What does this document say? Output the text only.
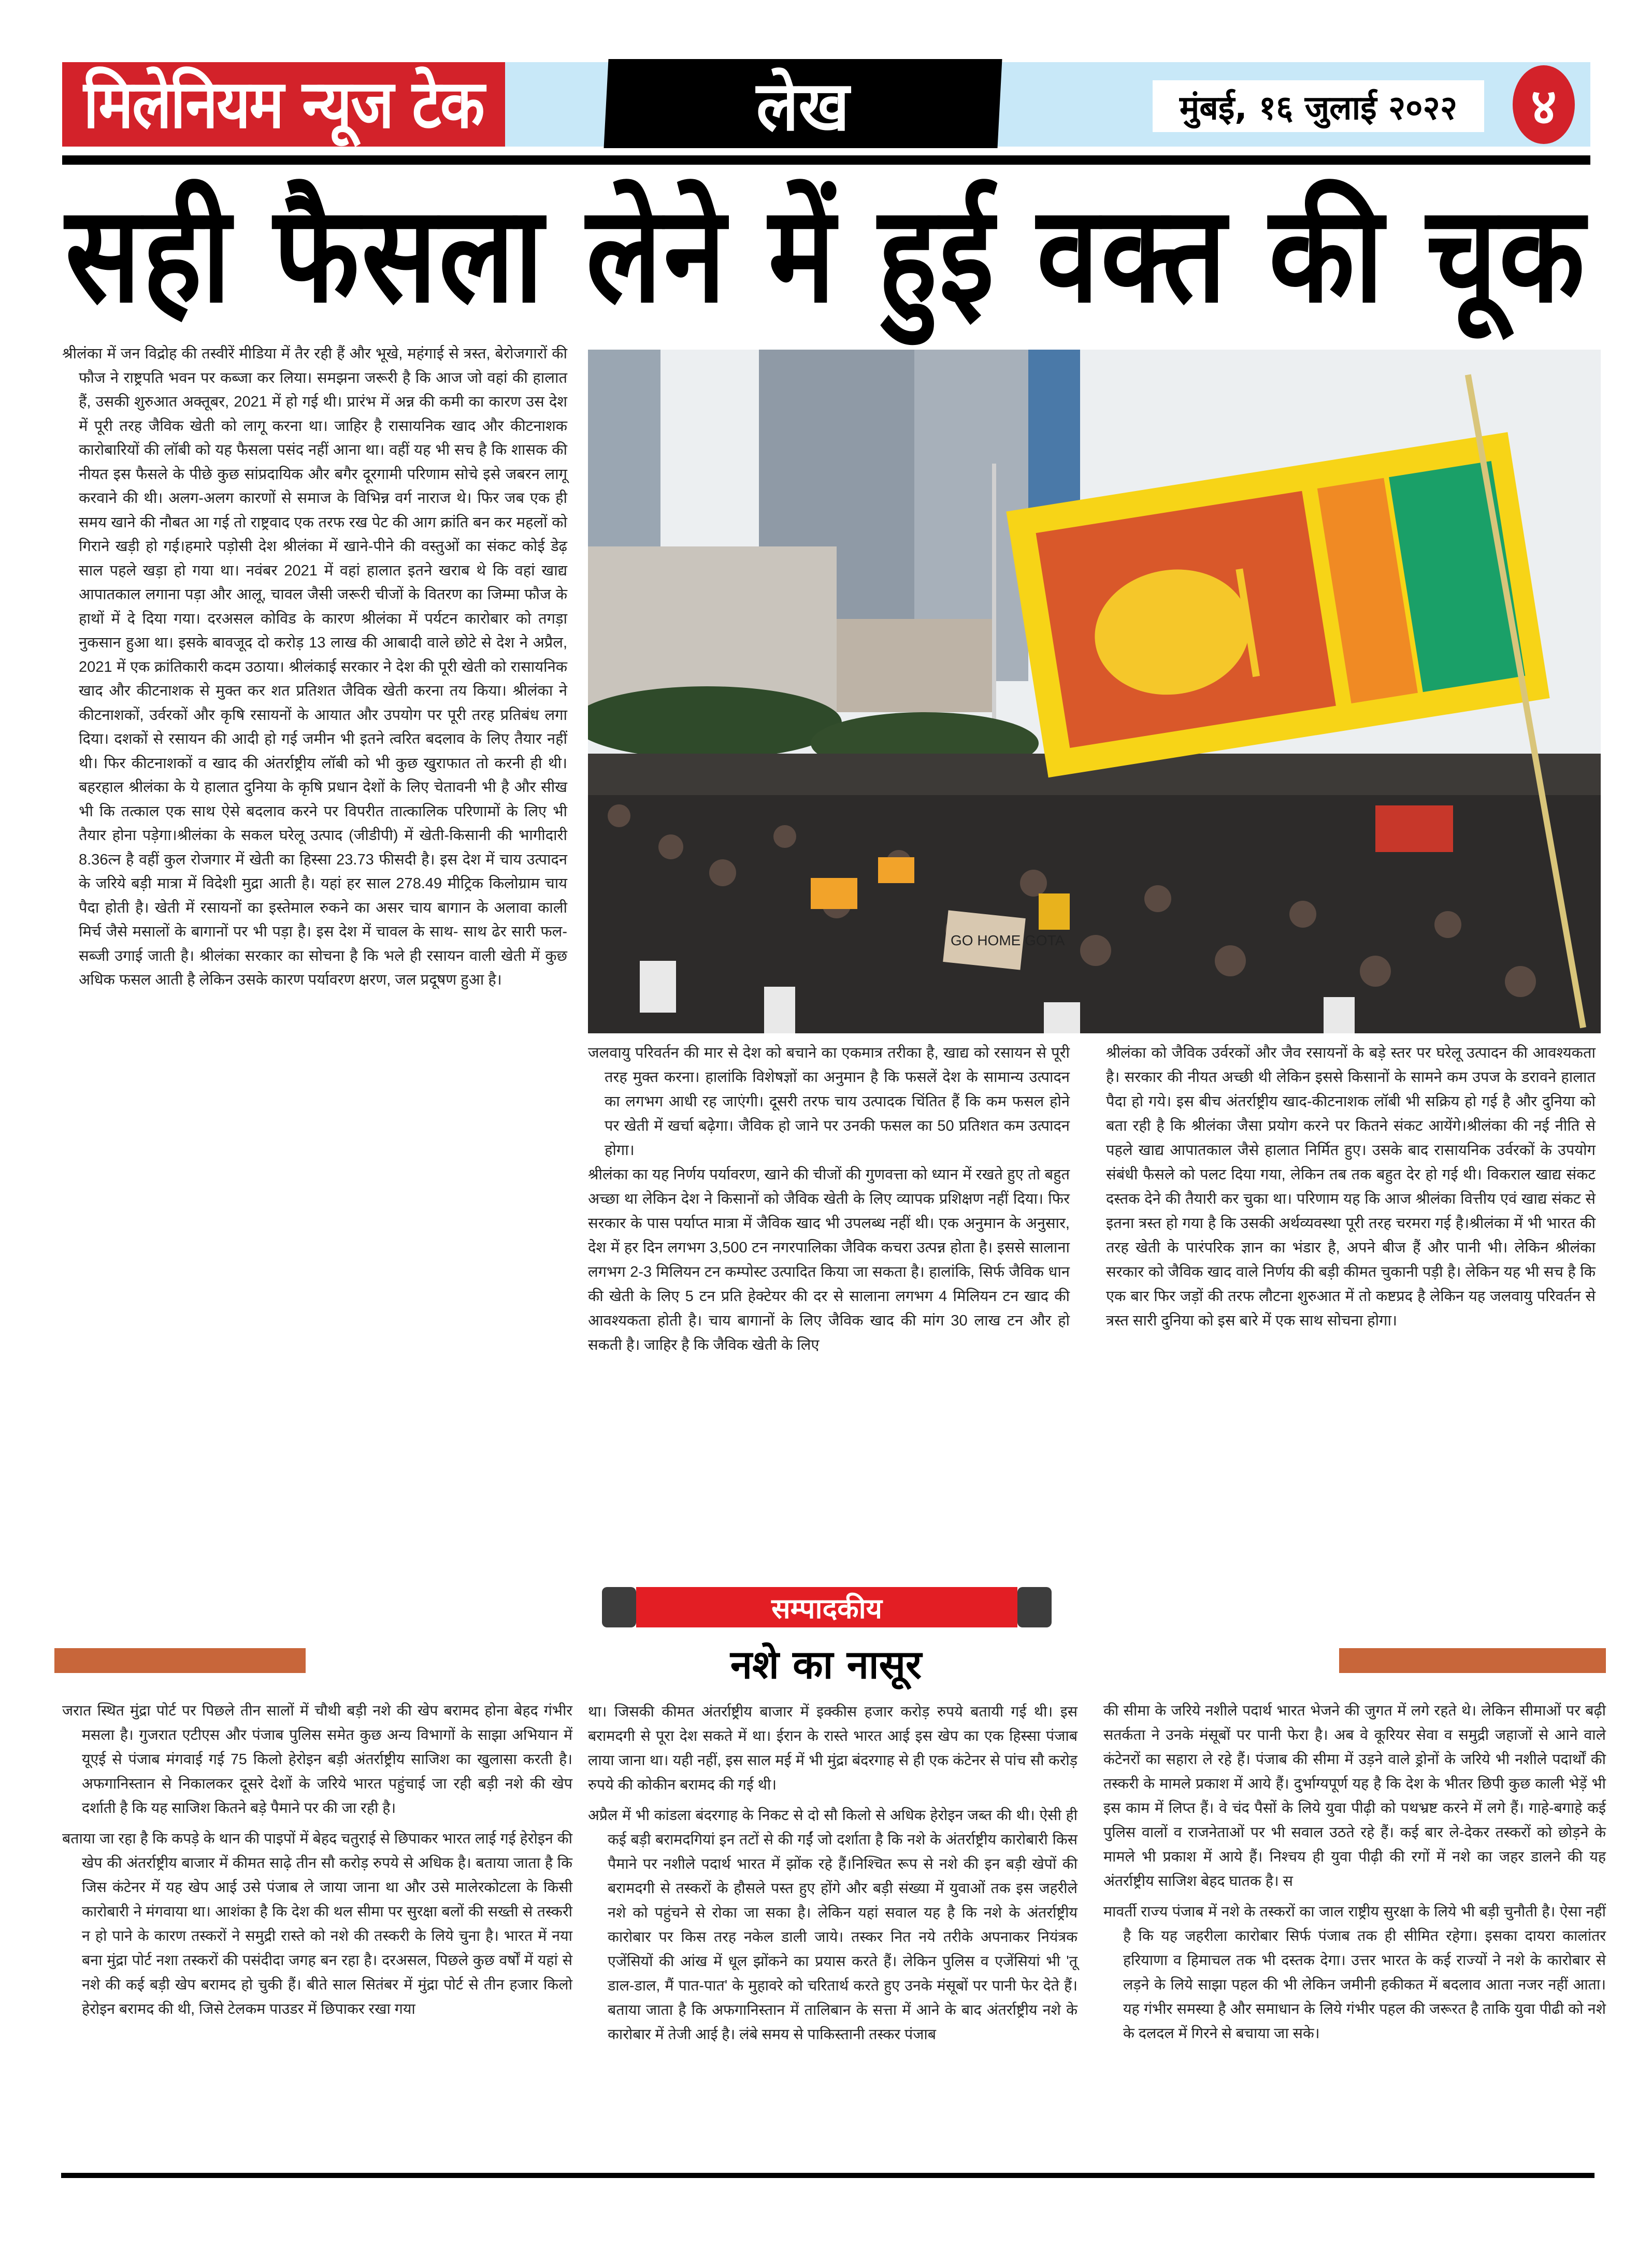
मिलेनियम न्यूज टेक	लेख	मुंबई, १६ जुलाई २०२२ ४
सही फैसला लेने में हुई वक्त की चूक

श्रीलंका में जन विद्रोह की तस्वीरें मीडिया में तैर रही हैं और भूखे, महंगाई से त्रस्त, बेरोजगारों की फौज ने राष्ट्रपति भवन पर कब्जा कर लिया। समझना जरूरी है कि आज जो वहां की हालात हैं, उसकी शुरुआत अक्तूबर, 2021 में हो गई थी। प्रारंभ में अन्न की कमी का कारण उस देश में पूरी तरह जैविक खेती को लागू करना था। जाहिर है रासायनिक खाद और कीटनाशक कारोबारियों की लॉबी को यह फैसला पसंद नहीं आना था। वहीं यह भी सच है कि शासक की नीयत इस फैसले के पीछे कुछ सांप्रदायिक और बगैर दूरगामी परिणाम सोचे इसे जबरन लागू करवाने की थी। अलग-अलग कारणों से समाज के विभिन्न वर्ग नाराज थे। फिर जब एक ही समय खाने की नौबत आ गई तो राष्ट्रवाद एक तरफ रख पेट की आग क्रांति बन कर महलों को गिराने खड़ी हो गई।हमारे पड़ोसी देश श्रीलंका में खाने-पीने की वस्तुओं का संकट कोई डेढ़ साल पहले खड़ा हो गया था। नवंबर 2021 में वहां हालात इतने खराब थे कि वहां खाद्य आपातकाल लगाना पड़ा और आलू, चावल जैसी जरूरी चीजों के वितरण का जिम्मा फौज के हाथों में दे दिया गया। दरअसल कोविड के कारण श्रीलंका में पर्यटन कारोबार को तगड़ा नुकसान हुआ था। इसके बावजूद दो करोड़ 13 लाख की आबादी वाले छोटे से देश ने अप्रैल, 2021 में एक क्रांतिकारी कदम उठाया। श्रीलंकाई सरकार ने देश की पूरी खेती को रासायनिक खाद और कीटनाशक से मुक्त कर शत प्रतिशत जैविक खेती करना तय किया। श्रीलंका ने कीटनाशकों, उर्वरकों और कृषि रसायनों के आयात और उपयोग पर पूरी तरह प्रतिबंध लगा दिया। दशकों से रसायन की आदी हो गई जमीन भी इतने त्वरित बदलाव के लिए तैयार नहीं थी। फिर कीटनाशकों व खाद की अंतर्राष्ट्रीय लॉबी को भी कुछ खुराफात तो करनी ही थी। बहरहाल श्रीलंका के ये हालात दुनिया के कृषि प्रधान देशों के लिए चेतावनी भी है और सीख भी कि तत्काल एक साथ ऐसे बदलाव करने पर विपरीत तात्कालिक परिणामों के लिए भी तैयार होना पड़ेगा।श्रीलंका के सकल घरेलू उत्पाद (जीडीपी) में खेती-किसानी की भागीदारी 8.36त्न है वहीं कुल रोजगार में खेती का हिस्सा 23.73 फीसदी है। इस देश में चाय उत्पादन के जरिये बड़ी मात्रा में विदेशी मुद्रा आती है। यहां हर साल 278.49 मीट्रिक किलोग्राम चाय पैदा होती है। खेती में रसायनों का इस्तेमाल रुकने का असर चाय बागान के अलावा काली मिर्च जैसे मसालों के बागानों पर भी पड़ा है। इस देश में चावल के साथ- साथ ढेर सारी फल-सब्जी उगाई जाती है। श्रीलंका सरकार का सोचना है कि भले ही रसायन वाली खेती में कुछ अधिक फसल आती है लेकिन उसके कारण पर्यावरण क्षरण, जल प्रदूषण हुआ है।

GO HOME GOTA

जलवायु परिवर्तन की मार से देश को बचाने का एकमात्र तरीका है, खाद्य को रसायन से पूरी तरह मुक्त करना। हालांकि विशेषज्ञों का अनुमान है कि फसलें देश के सामान्य उत्पादन का लगभग आधी रह जाएंगी। दूसरी तरफ चाय उत्पादक चिंतित हैं कि कम फसल होने पर खेती में खर्चा बढ़ेगा। जैविक हो जाने पर उनकी फसल का 50 प्रतिशत कम उत्पादन होगा।

श्रीलंका का यह निर्णय पर्यावरण, खाने की चीजों की गुणवत्ता को ध्यान में रखते हुए तो बहुत अच्छा था लेकिन देश ने किसानों को जैविक खेती के लिए व्यापक प्रशिक्षण नहीं दिया। फिर सरकार के पास पर्याप्त मात्रा में जैविक खाद भी उपलब्ध नहीं थी। एक अनुमान के अनुसार, देश में हर दिन लगभग 3,500 टन नगरपालिका जैविक कचरा उत्पन्न होता है। इससे सालाना लगभग 2-3 मिलियन टन कम्पोस्ट उत्पादित किया जा सकता है। हालांकि, सिर्फ जैविक धान की खेती के लिए 5 टन प्रति हेक्टेयर की दर से सालाना लगभग 4 मिलियन टन खाद की आवश्यकता होती है। चाय बागानों के लिए जैविक खाद की मांग 30 लाख टन और हो सकती है। जाहिर है कि जैविक खेती के लिए

श्रीलंका को जैविक उर्वरकों और जैव रसायनों के बड़े स्तर पर घरेलू उत्पादन की आवश्यकता है। सरकार की नीयत अच्छी थी लेकिन इससे किसानों के सामने कम उपज के डरावने हालात पैदा हो गये। इस बीच अंतर्राष्ट्रीय खाद-कीटनाशक लॉबी भी सक्रिय हो गई है और दुनिया को बता रही है कि श्रीलंका जैसा प्रयोग करने पर कितने संकट आयेंगे।श्रीलंका की नई नीति से पहले खाद्य आपातकाल जैसे हालात निर्मित हुए। उसके बाद रासायनिक उर्वरकों के उपयोग संबंधी फैसले को पलट दिया गया, लेकिन तब तक बहुत देर हो गई थी। विकराल खाद्य संकट दस्तक देने की तैयारी कर चुका था। परिणाम यह कि आज श्रीलंका वित्तीय एवं खाद्य संकट से इतना त्रस्त हो गया है कि उसकी अर्थव्यवस्था पूरी तरह चरमरा गई है।श्रीलंका में भी भारत की तरह खेती के पारंपरिक ज्ञान का भंडार है, अपने बीज हैं और पानी भी। लेकिन श्रीलंका सरकार को जैविक खाद वाले निर्णय की बड़ी कीमत चुकानी पड़ी है। लेकिन यह भी सच है कि एक बार फिर जड़ों की तरफ लौटना शुरुआत में तो कष्टप्रद है लेकिन यह जलवायु परिवर्तन से त्रस्त सारी दुनिया को इस बारे में एक साथ सोचना होगा।

सम्पादकीय
नशे का नासूर

जरात स्थित मुंद्रा पोर्ट पर पिछले तीन सालों में चौथी बड़ी नशे की खेप बरामद होना बेहद गंभीर मसला है। गुजरात एटीएस और पंजाब पुलिस समेत कुछ अन्य विभागों के साझा अभियान में यूएई से पंजाब मंगवाई गई 75 किलो हेरोइन बड़ी अंतर्राष्ट्रीय साजिश का खुलासा करती है। अफगानिस्तान से निकालकर दूसरे देशों के जरिये भारत पहुंचाई जा रही बड़ी नशे की खेप दर्शाती है कि यह साजिश कितने बड़े पैमाने पर की जा रही है।

बताया जा रहा है कि कपड़े के थान की पाइपों में बेहद चतुराई से छिपाकर भारत लाई गई हेरोइन की खेप की अंतर्राष्ट्रीय बाजार में कीमत साढ़े तीन सौ करोड़ रुपये से अधिक है। बताया जाता है कि जिस कंटेनर में यह खेप आई उसे पंजाब ले जाया जाना था और उसे मालेरकोटला के किसी कारोबारी ने मंगवाया था। आशंका है कि देश की थल सीमा पर सुरक्षा बलों की सख्ती से तस्करी न हो पाने के कारण तस्करों ने समुद्री रास्ते को नशे की तस्करी के लिये चुना है। भारत में नया बना मुंद्रा पोर्ट नशा तस्करों की पसंदीदा जगह बन रहा है। दरअसल, पिछले कुछ वर्षों में यहां से नशे की कई बड़ी खेप बरामद हो चुकी हैं। बीते साल सितंबर में मुंद्रा पोर्ट से तीन हजार किलो हेरोइन बरामद की थी, जिसे टेलकम पाउडर में छिपाकर रखा गया

था। जिसकी कीमत अंतर्राष्ट्रीय बाजार में इक्कीस हजार करोड़ रुपये बतायी गई थी। इस बरामदगी से पूरा देश सकते में था। ईरान के रास्ते भारत आई इस खेप का एक हिस्सा पंजाब लाया जाना था। यही नहीं, इस साल मई में भी मुंद्रा बंदरगाह से ही एक कंटेनर से पांच सौ करोड़ रुपये की कोकीन बरामद की गई थी।

अप्रैल में भी कांडला बंदरगाह के निकट से दो सौ किलो से अधिक हेरोइन जब्त की थी। ऐसी ही कई बड़ी बरामदगियां इन तटों से की गईं जो दर्शाता है कि नशे के अंतर्राष्ट्रीय कारोबारी किस पैमाने पर नशीले पदार्थ भारत में झोंक रहे हैं।निश्चित रूप से नशे की इन बड़ी खेपों की बरामदगी से तस्करों के हौसले पस्त हुए होंगे और बड़ी संख्या में युवाओं तक इस जहरीले नशे को पहुंचने से रोका जा सका है। लेकिन यहां सवाल यह है कि नशे के अंतर्राष्ट्रीय कारोबार पर किस तरह नकेल डाली जाये। तस्कर नित नये तरीके अपनाकर नियंत्रक एजेंसियों की आंख में धूल झोंकने का प्रयास करते हैं। लेकिन पुलिस व एजेंसियां भी 'तू डाल-डाल, मैं पात-पात' के मुहावरे को चरितार्थ करते हुए उनके मंसूबों पर पानी फेर देते हैं। बताया जाता है कि अफगानिस्तान में तालिबान के सत्ता में आने के बाद अंतर्राष्ट्रीय नशे के कारोबार में तेजी आई है। लंबे समय से पाकिस्तानी तस्कर पंजाब

की सीमा के जरिये नशीले पदार्थ भारत भेजने की जुगत में लगे रहते थे। लेकिन सीमाओं पर बढ़ी सतर्कता ने उनके मंसूबों पर पानी फेरा है। अब वे कूरियर सेवा व समुद्री जहाजों से आने वाले कंटेनरों का सहारा ले रहे हैं। पंजाब की सीमा में उड़ने वाले ड्रोनों के जरिये भी नशीले पदार्थों की तस्करी के मामले प्रकाश में आये हैं। दुर्भाग्यपूर्ण यह है कि देश के भीतर छिपी कुछ काली भेड़ें भी इस काम में लिप्त हैं। वे चंद पैसों के लिये युवा पीढ़ी को पथभ्रष्ट करने में लगे हैं। गाहे-बगाहे कई पुलिस वालों व राजनेताओं पर भी सवाल उठते रहे हैं। कई बार ले-देकर तस्करों को छोड़ने के मामले भी प्रकाश में आये हैं। निश्चय ही युवा पीढ़ी की रगों में नशे का जहर डालने की यह अंतर्राष्ट्रीय साजिश बेहद घातक है। स

मावर्ती राज्य पंजाब में नशे के तस्करों का जाल राष्ट्रीय सुरक्षा के लिये भी बड़ी चुनौती है। ऐसा नहीं है कि यह जहरीला कारोबार सिर्फ पंजाब तक ही सीमित रहेगा। इसका दायरा कालांतर हरियाणा व हिमाचल तक भी दस्तक देगा। उत्तर भारत के कई राज्यों ने नशे के कारोबार से लड़ने के लिये साझा पहल की भी लेकिन जमीनी हकीकत में बदलाव आता नजर नहीं आता। यह गंभीर समस्या है और समाधान के लिये गंभीर पहल की जरूरत है ताकि युवा पीढी को नशे के दलदल में गिरने से बचाया जा सके।
